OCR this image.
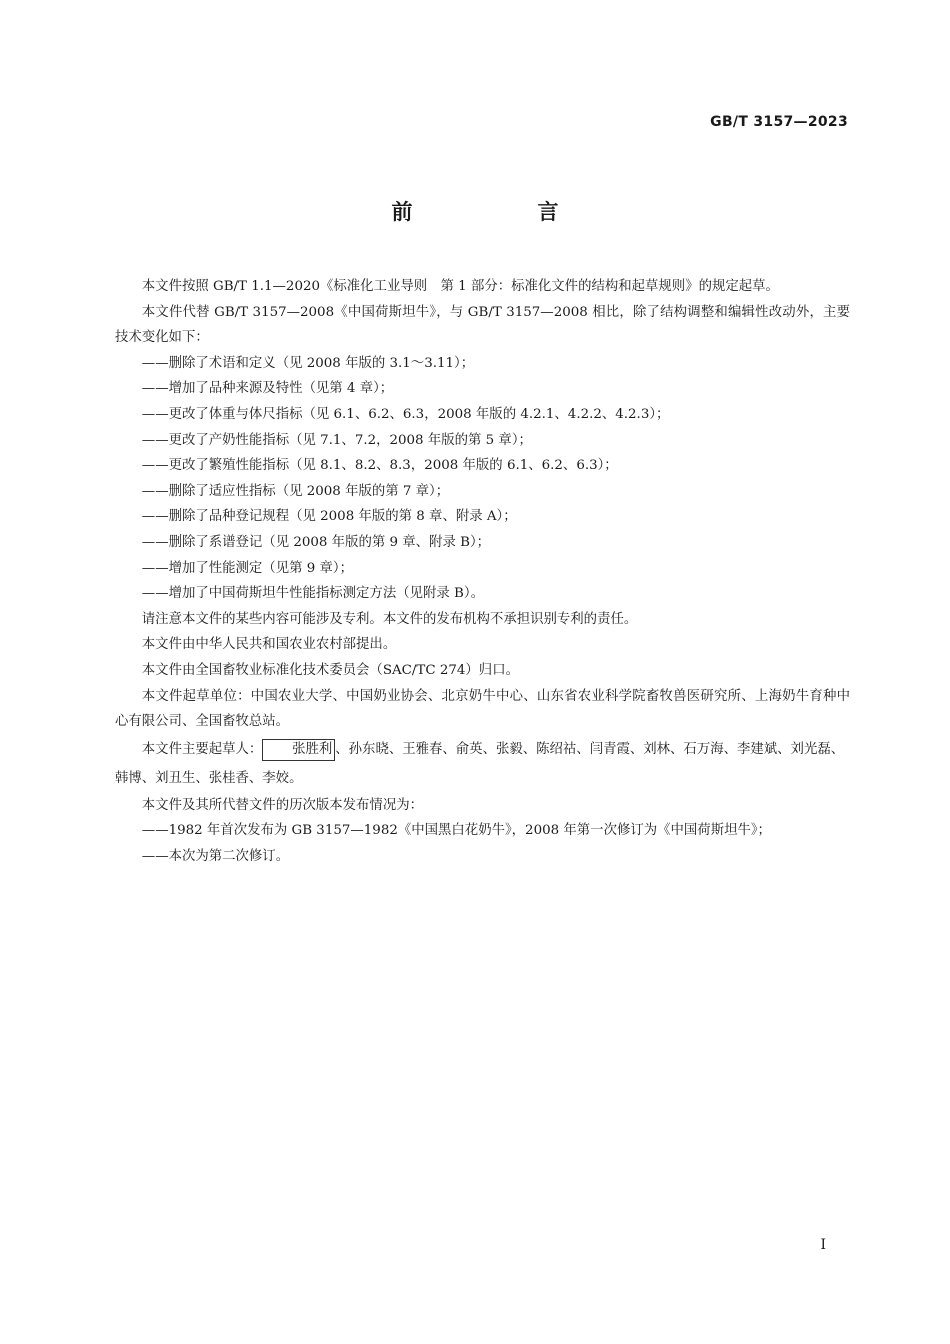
GB/T 3157—2023
前　言

本文件按照 GB/T 1.1—2020《标准化工业导则　第 1 部分：标准化文件的结构和起草规则》的规定起草。

本文件代替 GB/T 3157—2008《中国荷斯坦牛》，与 GB/T 3157—2008 相比，除了结构调整和编辑性改动外，主要技术变化如下：

—— 删除了术语和定义（见 2008 年版的 3.1～3.11）；

—— 增加了品种来源及特性（见第 4 章）；

—— 更改了体重与体尺指标（见 6.1、6.2、6.3，2008 年版的 4.2.1、4.2.2、4.2.3）；

—— 更改了产奶性能指标（见 7.1、7.2，2008 年版的第 5 章）；

—— 更改了繁殖性能指标（见 8.1、8.2、8.3，2008 年版的 6.1、6.2、6.3）；

—— 删除了适应性指标（见 2008 年版的第 7 章）；

—— 删除了品种登记规程（见 2008 年版的第 8 章、附录 A）；

—— 删除了系谱登记（见 2008 年版的第 9 章、附录 B）；

—— 增加了性能测定（见第 9 章）；

—— 增加了中国荷斯坦牛性能指标测定方法（见附录 B）。

请注意本文件的某些内容可能涉及专利。本文件的发布机构不承担识别专利的责任。

本文件由中华人民共和国农业农村部提出。

本文件由全国畜牧业标准化技术委员会（SAC/TC 274）归口。

本文件起草单位：中国农业大学、中国奶业协会、北京奶牛中心、山东省农业科学院畜牧兽医研究所、上海奶牛育种中心有限公司、全国畜牧总站。

本文件主要起草人： 张胜利 、孙东晓、王雅春、俞英、张毅、陈绍祜、闫青霞、刘林、石万海、李建斌、刘光磊、韩博、刘丑生、张桂香、李姣。

本文件及其所代替文件的历次版本发布情况为：

—— 1982 年首次发布为 GB 3157—1982《中国黑白花奶牛》，2008 年第一次修订为《中国荷斯坦牛》；

—— 本次为第二次修订。

I
